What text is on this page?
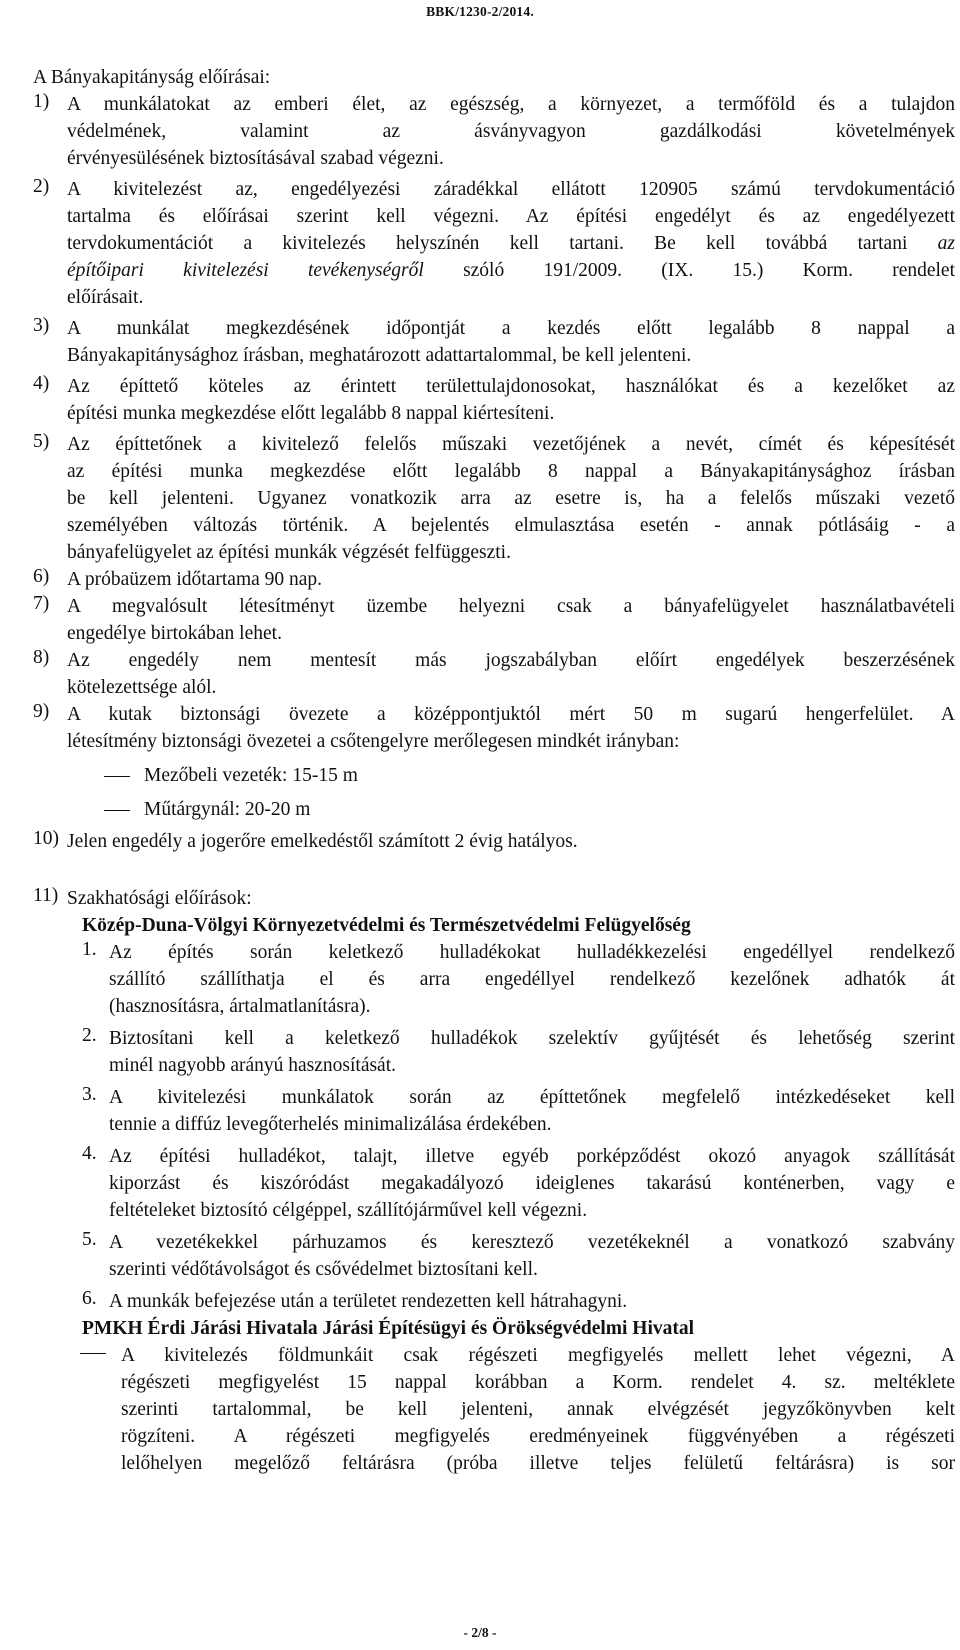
BBK/1230-2/2014.
A Bányakapitányság előírásai:
1) A munkálatokat az emberi élet, az egészség, a környezet, a termőföld és a tulajdon
védelmének, valamint az ásványvagyon gazdálkodási követelmények
érvényesülésének biztosításával szabad végezni.
2) A kivitelezést az, engedélyezési záradékkal ellátott 120905 számú tervdokumentáció
tartalma és előírásai szerint kell végezni. Az építési engedélyt és az engedélyezett
tervdokumentációt a kivitelezés helyszínén kell tartani. Be kell továbbá tartani az
építőipari kivitelezési tevékenységről szóló 191/2009. (IX. 15.) Korm. rendelet
előírásait.
3) A munkálat megkezdésének időpontját a kezdés előtt legalább 8 nappal a
Bányakapitánysághoz írásban, meghatározott adattartalommal, be kell jelenteni.
4) Az építtető köteles az érintett területtulajdonosokat, használókat és a kezelőket az
építési munka megkezdése előtt legalább 8 nappal kiértesíteni.
5) Az építtetőnek a kivitelező felelős műszaki vezetőjének a nevét, címét és képesítését
az építési munka megkezdése előtt legalább 8 nappal a Bányakapitánysághoz írásban
be kell jelenteni. Ugyanez vonatkozik arra az esetre is, ha a felelős műszaki vezető
személyében változás történik. A bejelentés elmulasztása esetén - annak pótlásáig - a
bányafelügyelet az építési munkák végzését felfüggeszti.
6) A próbaüzem időtartama 90 nap.
7) A megvalósult létesítményt üzembe helyezni csak a bányafelügyelet használatbavételi
engedélye birtokában lehet.
8) Az engedély nem mentesít más jogszabályban előírt engedélyek beszerzésének
kötelezettsége alól.
9) A kutak biztonsági övezete a középpontjuktól mért 50 m sugarú hengerfelület. A
létesítmény biztonsági övezetei a csőtengelyre merőlegesen mindkét irányban:
Mezőbeli vezeték: 15-15 m
Műtárgynál: 20-20 m
10) Jelen engedély a jogerőre emelkedéstől számított 2 évig hatályos.
11) Szakhatósági előírások:
Közép-Duna-Völgyi Környezetvédelmi és Természetvédelmi Felügyelőség
1. Az építés során keletkező hulladékokat hulladékkezelési engedéllyel rendelkező
szállító szállíthatja el és arra engedéllyel rendelkező kezelőnek adhatók át
(hasznosításra, ártalmatlanításra).
2. Biztosítani kell a keletkező hulladékok szelektív gyűjtését és lehetőség szerint
minél nagyobb arányú hasznosítását.
3. A kivitelezési munkálatok során az építtetőnek megfelelő intézkedéseket kell
tennie a diffúz levegőterhelés minimalizálása érdekében.
4. Az építési hulladékot, talajt, illetve egyéb porképződést okozó anyagok szállítását
kiporzást és kiszóródást megakadályozó ideiglenes takarású konténerben, vagy e
feltételeket biztosító célgéppel, szállítójárművel kell végezni.
5. A vezetékekkel párhuzamos és keresztező vezetékeknél a vonatkozó szabvány
szerinti védőtávolságot és csővédelmet biztosítani kell.
6. A munkák befejezése után a területet rendezetten kell hátrahagyni.
PMKH Érdi Járási Hivatala Járási Építésügyi és Örökségvédelmi Hivatal
A kivitelezés földmunkáit csak régészeti megfigyelés mellett lehet végezni, A
régészeti megfigyelést 15 nappal korábban a Korm. rendelet 4. sz. meltéklete
szerinti tartalommal, be kell jelenteni, annak elvégzését jegyzőkönyvben kelt
rögzíteni. A régészeti megfigyelés eredményeinek függvényében a régészeti
lelőhelyen megelőző feltárásra (próba illetve teljes felületű feltárásra) is sor
- 2/8 -
